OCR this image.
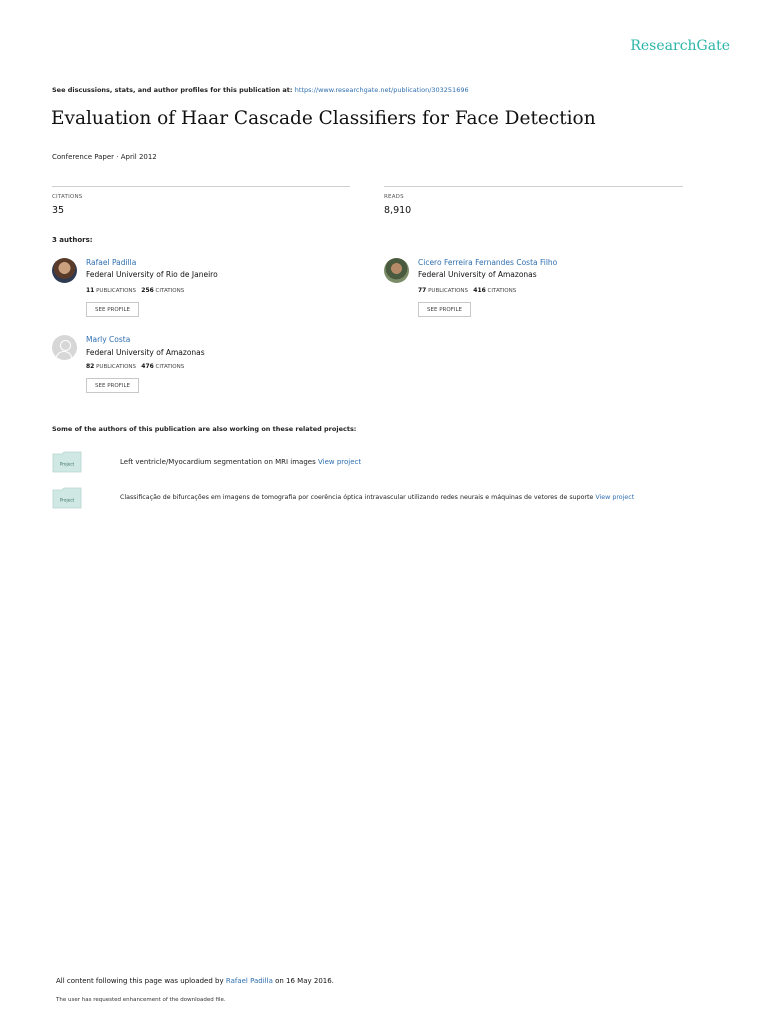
ResearchGate
See discussions, stats, and author profiles for this publication at: https://www.researchgate.net/publication/303251696
Evaluation of Haar Cascade Classifiers for Face Detection
Conference Paper · April 2012
CITATIONS
35
READS
8,910
3 authors:
Rafael Padilla
Federal University of Rio de Janeiro
11 PUBLICATIONS 256 CITATIONS
SEE PROFILE
Cicero Ferreira Fernandes Costa Filho
Federal University of Amazonas
77 PUBLICATIONS 416 CITATIONS
SEE PROFILE
Marly Costa
Federal University of Amazonas
82 PUBLICATIONS 476 CITATIONS
SEE PROFILE
Some of the authors of this publication are also working on these related projects:
Project	Left ventricle/Myocardium segmentation on MRI images View project
Project	Classificação de bifurcações em imagens de tomografia por coerência óptica intravascular utilizando redes neurais e máquinas de vetores de suporte View project
All content following this page was uploaded by Rafael Padilla on 16 May 2016.
The user has requested enhancement of the downloaded file.
